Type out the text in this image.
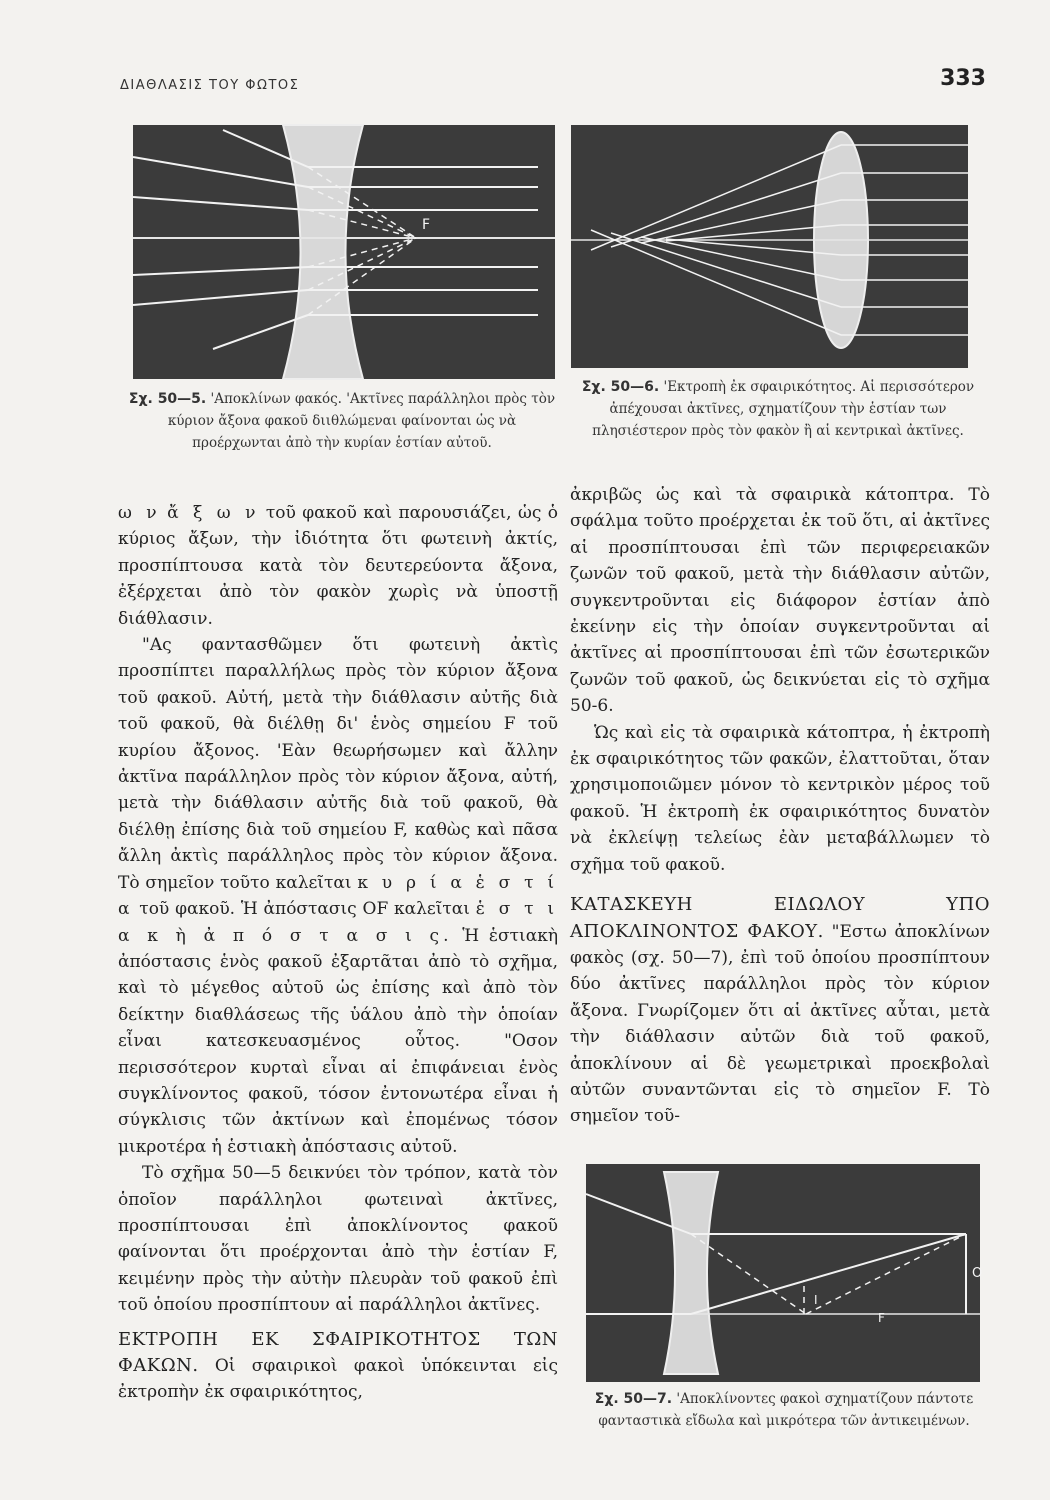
ΔΙΑΘΛΑΣΙΣ ΤΟΥ ΦΩΤΟΣ	333
F
Σχ. 50—5. 'Αποκλίνων φακός. 'Ακτῖνες παράλληλοι πρὸς τὸν κύριον ἄξονα φακοῦ διιθλώμεναι φαίνονται ὡς νὰ προέρχωνται ἀπὸ τὴν κυρίαν ἑστίαν αὐτοῦ.
Σχ. 50—6. 'Εκτροπὴ ἐκ σφαιρικότητος. Αἱ περισσότερον ἀπέχουσαι ἀκτῖνες, σχηματίζουν τὴν ἑστίαν των πλησιέστερον πρὸς τὸν φακὸν ἢ αἱ κεντρικαὶ ἀκτῖνες.

ω ν ἄ ξ ω ν τοῦ φακοῦ καὶ παρουσιάζει, ὡς ὁ κύριος ἄξων, τὴν ἰδιότητα ὅτι φωτεινὴ ἀκτίς, προσπίπτουσα κατὰ τὸν δευτερεύοντα ἄξονα, ἐξέρχεται ἀπὸ τὸν φακὸν χωρὶς νὰ ὑποστῇ διάθλασιν.

"Ας φαντασθῶμεν ὅτι φωτεινὴ ἀκτὶς προσπίπτει παραλλήλως πρὸς τὸν κύριον ἄξονα τοῦ φακοῦ. Αὐτή, μετὰ τὴν διάθλασιν αὐτῆς διὰ τοῦ φακοῦ, θὰ διέλθῃ δι' ἑνὸς σημείου F τοῦ κυρίου ἄξονος. 'Εὰν θεωρήσωμεν καὶ ἄλλην ἀκτῖνα παράλληλον πρὸς τὸν κύριον ἄξονα, αὐτή, μετὰ τὴν διάθλασιν αὐτῆς διὰ τοῦ φακοῦ, θὰ διέλθῃ ἐπίσης διὰ τοῦ σημείου F, καθὼς καὶ πᾶσα ἄλλη ἀκτὶς παράλληλος πρὸς τὸν κύριον ἄξονα. Τὸ σημεῖον τοῦτο καλεῖται κ υ ρ ί α ἑ σ τ ί α τοῦ φακοῦ. Ἡ ἀπόστασις OF καλεῖται ἑ σ τ ι α κ ὴ ἀ π ό σ τ α σ ι ς. Ἡ ἑστιακὴ ἀπόστασις ἑνὸς φακοῦ ἐξαρτᾶται ἀπὸ τὸ σχῆμα, καὶ τὸ μέγεθος αὐτοῦ ὡς ἐπίσης καὶ ἀπὸ τὸν δείκτην διαθλάσεως τῆς ὑάλου ἀπὸ τὴν ὁποίαν εἶναι κατεσκευασμένος οὗτος. "Οσον περισσότερον κυρταὶ εἶναι αἱ ἐπιφάνειαι ἑνὸς συγκλίνοντος φακοῦ, τόσον ἐντονωτέρα εἶναι ἡ σύγκλισις τῶν ἀκτίνων καὶ ἐπομένως τόσον μικροτέρα ἡ ἑστιακὴ ἀπόστασις αὐτοῦ.

Τὸ σχῆμα 50—5 δεικνύει τὸν τρόπον, κατὰ τὸν ὁποῖον παράλληλοι φωτειναὶ ἀκτῖνες, προσπίπτουσαι ἐπὶ ἀποκλίνοντος φακοῦ φαίνονται ὅτι προέρχονται ἀπὸ τὴν ἑστίαν F, κειμένην πρὸς τὴν αὐτὴν πλευρὰν τοῦ φακοῦ ἐπὶ τοῦ ὁποίου προσπίπτουν αἱ παράλληλοι ἀκτῖνες.

ΕΚΤΡΟΠΗ ΕΚ ΣΦΑΙΡΙΚΟΤΗΤΟΣ ΤΩΝ ΦΑΚΩΝ. Οἱ σφαιρικοὶ φακοὶ ὑπόκεινται εἰς ἐκτροπὴν ἐκ σφαιρικότητος,

ἀκριβῶς ὡς καὶ τὰ σφαιρικὰ κάτοπτρα. Τὸ σφάλμα τοῦτο προέρχεται ἐκ τοῦ ὅτι, αἱ ἀκτῖνες αἱ προσπίπτουσαι ἐπὶ τῶν περιφερειακῶν ζωνῶν τοῦ φακοῦ, μετὰ τὴν διάθλασιν αὐτῶν, συγκεντροῦνται εἰς διάφορον ἑστίαν ἀπὸ ἐκείνην εἰς τὴν ὁποίαν συγκεντροῦνται αἱ ἀκτῖνες αἱ προσπίπτουσαι ἐπὶ τῶν ἐσωτερικῶν ζωνῶν τοῦ φακοῦ, ὡς δεικνύεται εἰς τὸ σχῆμα 50-6.

Ὡς καὶ εἰς τὰ σφαιρικὰ κάτοπτρα, ἡ ἐκτροπὴ ἐκ σφαιρικότητος τῶν φακῶν, ἐλαττοῦται, ὅταν χρησιμοποιῶμεν μόνον τὸ κεντρικὸν μέρος τοῦ φακοῦ. Ἡ ἐκτροπὴ ἐκ σφαιρικότητος δυνατὸν νὰ ἐκλείψῃ τελείως ἐὰν μεταβάλλωμεν τὸ σχῆμα τοῦ φακοῦ.

ΚΑΤΑΣΚΕΥΗ ΕΙΔΩΛΟΥ ΥΠΟ ΑΠΟΚΛΙΝΟΝΤΟΣ ΦΑΚΟΥ. "Εστω ἀποκλίνων φακὸς (σχ. 50—7), ἐπὶ τοῦ ὁποίου προσπίπτουν δύο ἀκτῖνες παράλληλοι πρὸς τὸν κύριον ἄξονα. Γνωρίζομεν ὅτι αἱ ἀκτῖνες αὗται, μετὰ τὴν διάθλασιν αὐτῶν διὰ τοῦ φακοῦ, ἀποκλίνουν αἱ δὲ γεωμετρικαὶ προεκβολαὶ αὐτῶν συναντῶνται εἰς τὸ σημεῖον F. Τὸ σημεῖον τοῦ-

I
F
O
Σχ. 50—7. 'Αποκλίνοντες φακοὶ σχηματίζουν πάντοτε φανταστικὰ εἴδωλα καὶ μικρότερα τῶν ἀντικειμένων.
